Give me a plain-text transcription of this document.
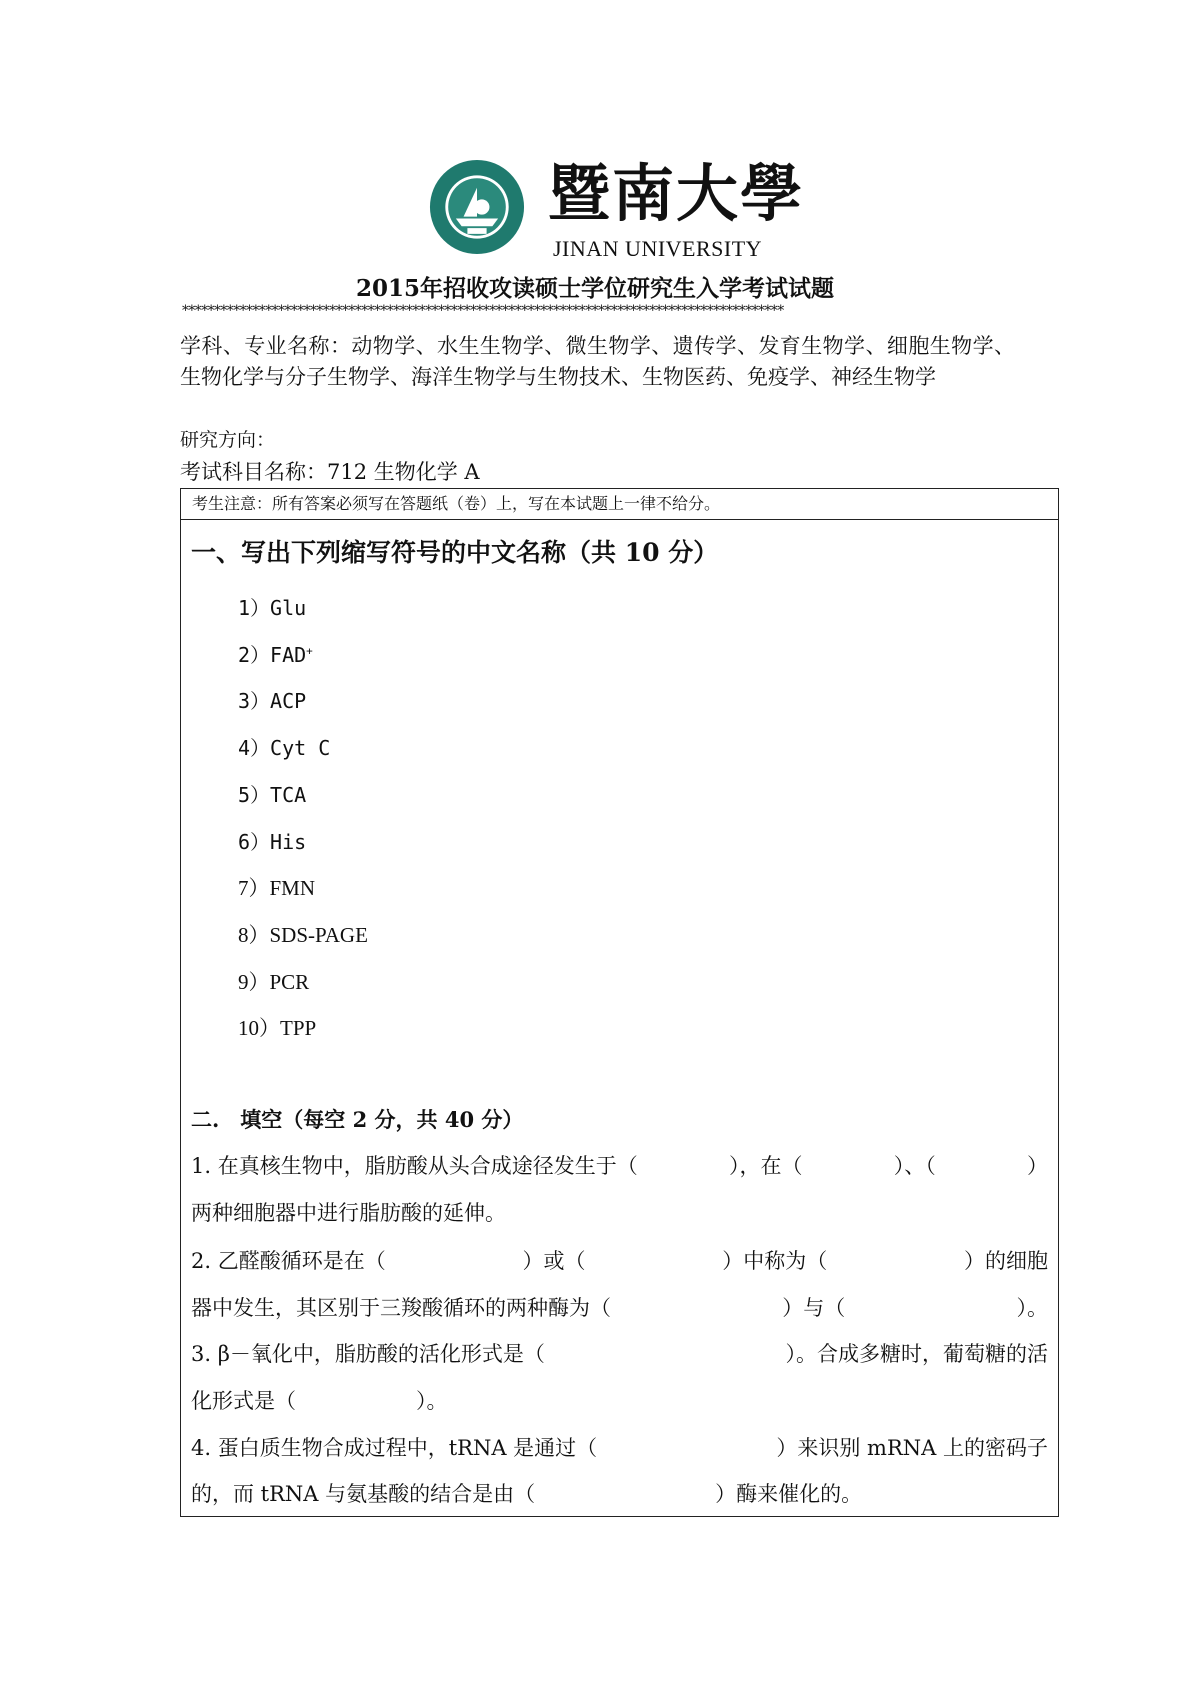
暨南大學
JINAN UNIVERSITY
2015年招收攻读硕士学位研究生入学考试试题
**********************************************************************************************
学科、专业名称：动物学、水生生物学、微生物学、遗传学、发育生物学、细胞生物学、生物化学与分子生物学、海洋生物学与生物技术、生物医药、免疫学、神经生物学
研究方向：
考试科目名称：712 生物化学 A
考生注意：所有答案必须写在答题纸（卷）上，写在本试题上一律不给分。
一、写出下列缩写符号的中文名称（共 10 分）
1）Glu
2）FAD+
3）ACP
4）Cyt C
5）TCA
6）His
7）FMN
8）SDS-PAGE
9）PCR
10）TPP
二.　填空（每空 2 分，共 40 分）
1. 在真核生物中，脂肪酸从头合成途径发生于（	），在（	）、（	）
两种细胞器中进行脂肪酸的延伸。
2. 乙醛酸循环是在（	）或（	）中称为（	）的细胞
器中发生，其区别于三羧酸循环的两种酶为（	）与（	）。
3. β－氧化中，脂肪酸的活化形式是（	）。合成多糖时，葡萄糖的活
化形式是（	）。
4. 蛋白质生物合成过程中，tRNA 是通过（	）来识别 mRNA 上的密码子
的，而 tRNA 与氨基酸的结合是由（	）酶来催化的。
